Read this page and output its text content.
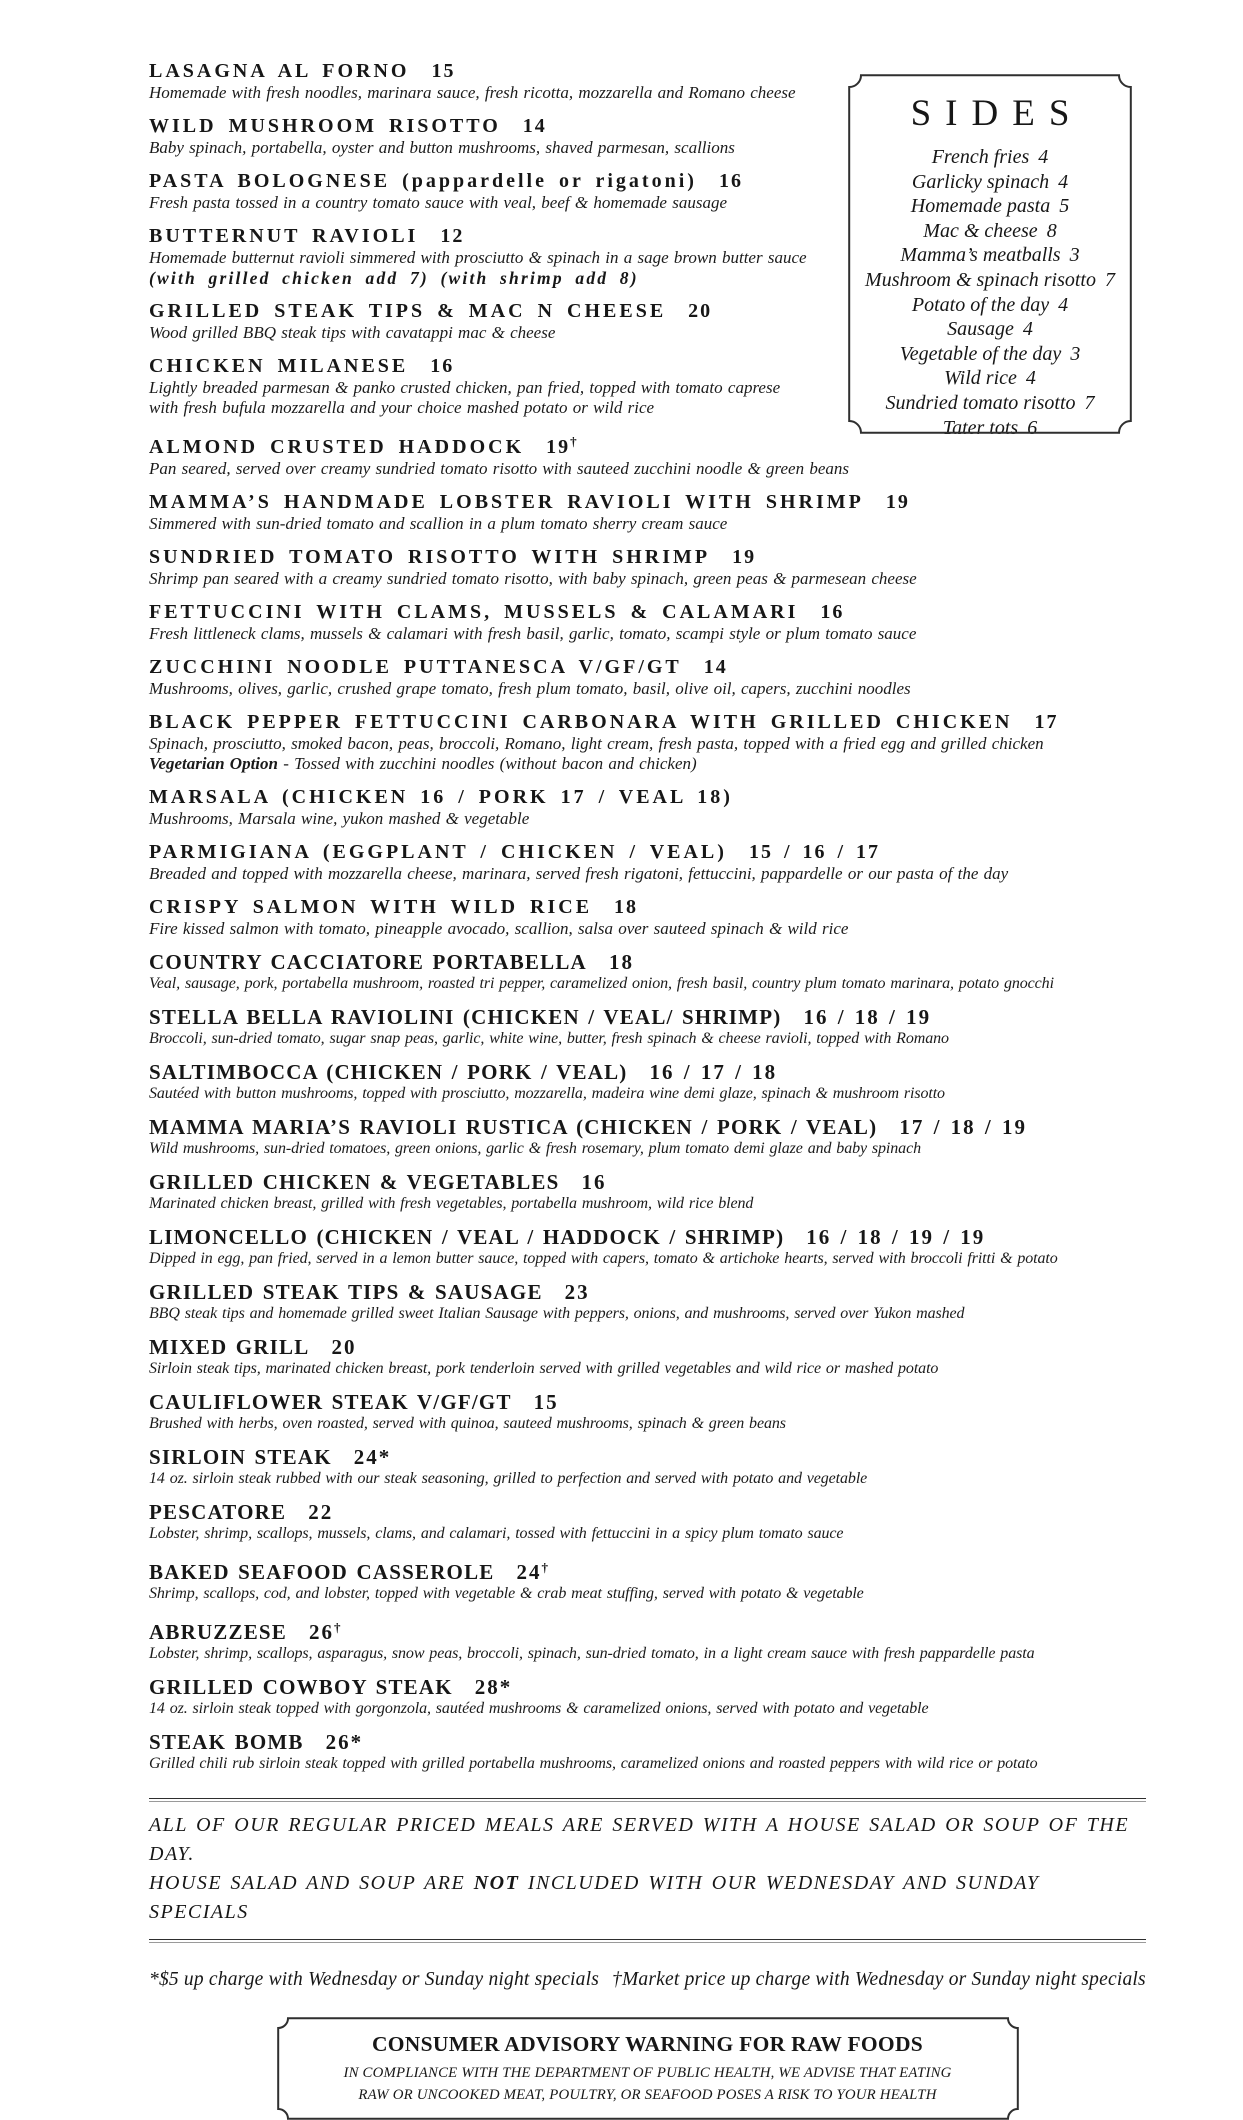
SIDES
French fries 4
Garlicky spinach 4
Homemade pasta 5
Mac & cheese 8
Mamma’s meatballs 3
Mushroom & spinach risotto 7
Potato of the day 4
Sausage 4
Vegetable of the day 3
Wild rice 4
Sundried tomato risotto 7
Tater tots 6
LASAGNA AL FORNO 15
Homemade with fresh noodles, marinara sauce, fresh ricotta, mozzarella and Romano cheese
WILD MUSHROOM RISOTTO 14
Baby spinach, portabella, oyster and button mushrooms, shaved parmesan, scallions
PASTA BOLOGNESE (pappardelle or rigatoni) 16
Fresh pasta tossed in a country tomato sauce with veal, beef & homemade sausage
BUTTERNUT RAVIOLI 12
Homemade butternut ravioli simmered with prosciutto & spinach in a sage brown butter sauce
(with grilled chicken add 7) (with shrimp add 8)
GRILLED STEAK TIPS & MAC N CHEESE 20
Wood grilled BBQ steak tips with cavatappi mac & cheese
CHICKEN MILANESE 16
Lightly breaded parmesan & panko crusted chicken, pan fried, topped with tomato caprese
with fresh bufula mozzarella and your choice mashed potato or wild rice
ALMOND CRUSTED HADDOCK 19†
Pan seared, served over creamy sundried tomato risotto with sauteed zucchini noodle & green beans
MAMMA’S HANDMADE LOBSTER RAVIOLI WITH SHRIMP 19
Simmered with sun-dried tomato and scallion in a plum tomato sherry cream sauce
SUNDRIED TOMATO RISOTTO WITH SHRIMP 19
Shrimp pan seared with a creamy sundried tomato risotto, with baby spinach, green peas & parmesean cheese
FETTUCCINI WITH CLAMS, MUSSELS & CALAMARI 16
Fresh littleneck clams, mussels & calamari with fresh basil, garlic, tomato, scampi style or plum tomato sauce
ZUCCHINI NOODLE PUTTANESCA V/GF/GT 14
Mushrooms, olives, garlic, crushed grape tomato, fresh plum tomato, basil, olive oil, capers, zucchini noodles
BLACK PEPPER FETTUCCINI CARBONARA WITH GRILLED CHICKEN 17
Spinach, prosciutto, smoked bacon, peas, broccoli, Romano, light cream, fresh pasta, topped with a fried egg and grilled chicken
Vegetarian Option - Tossed with zucchini noodles (without bacon and chicken)
MARSALA (CHICKEN 16 / PORK 17 / VEAL 18)
Mushrooms, Marsala wine, yukon mashed & vegetable
PARMIGIANA (EGGPLANT / CHICKEN / VEAL) 15 / 16 / 17
Breaded and topped with mozzarella cheese, marinara, served fresh rigatoni, fettuccini, pappardelle or our pasta of the day
CRISPY SALMON WITH WILD RICE 18
Fire kissed salmon with tomato, pineapple avocado, scallion, salsa over sauteed spinach & wild rice
COUNTRY CACCIATORE PORTABELLA 18
Veal, sausage, pork, portabella mushroom, roasted tri pepper, caramelized onion, fresh basil, country plum tomato marinara, potato gnocchi
STELLA BELLA RAVIOLINI (CHICKEN / VEAL/ SHRIMP) 16 / 18 / 19
Broccoli, sun-dried tomato, sugar snap peas, garlic, white wine, butter, fresh spinach & cheese ravioli, topped with Romano
SALTIMBOCCA (CHICKEN / PORK / VEAL) 16 / 17 / 18
Sautéed with button mushrooms, topped with prosciutto, mozzarella, madeira wine demi glaze, spinach & mushroom risotto
MAMMA MARIA’S RAVIOLI RUSTICA (CHICKEN / PORK / VEAL) 17 / 18 / 19
Wild mushrooms, sun-dried tomatoes, green onions, garlic & fresh rosemary, plum tomato demi glaze and baby spinach
GRILLED CHICKEN & VEGETABLES 16
Marinated chicken breast, grilled with fresh vegetables, portabella mushroom, wild rice blend
LIMONCELLO (CHICKEN / VEAL / HADDOCK / SHRIMP) 16 / 18 / 19 / 19
Dipped in egg, pan fried, served in a lemon butter sauce, topped with capers, tomato & artichoke hearts, served with broccoli fritti & potato
GRILLED STEAK TIPS & SAUSAGE 23
BBQ steak tips and homemade grilled sweet Italian Sausage with peppers, onions, and mushrooms, served over Yukon mashed
MIXED GRILL 20
Sirloin steak tips, marinated chicken breast, pork tenderloin served with grilled vegetables and wild rice or mashed potato
CAULIFLOWER STEAK V/GF/GT 15
Brushed with herbs, oven roasted, served with quinoa, sauteed mushrooms, spinach & green beans
SIRLOIN STEAK 24*
14 oz. sirloin steak rubbed with our steak seasoning, grilled to perfection and served with potato and vegetable
PESCATORE 22
Lobster, shrimp, scallops, mussels, clams, and calamari, tossed with fettuccini in a spicy plum tomato sauce
BAKED SEAFOOD CASSEROLE 24†
Shrimp, scallops, cod, and lobster, topped with vegetable & crab meat stuffing, served with potato & vegetable
ABRUZZESE 26†
Lobster, shrimp, scallops, asparagus, snow peas, broccoli, spinach, sun-dried tomato, in a light cream sauce with fresh pappardelle pasta
GRILLED COWBOY STEAK 28*
14 oz. sirloin steak topped with gorgonzola, sautéed mushrooms & caramelized onions, served with potato and vegetable
STEAK BOMB 26*
Grilled chili rub sirloin steak topped with grilled portabella mushrooms, caramelized onions and roasted peppers with wild rice or potato

ALL OF OUR REGULAR PRICED MEALS ARE SERVED WITH A HOUSE SALAD OR SOUP OF THE DAY.
HOUSE SALAD AND SOUP ARE NOT INCLUDED WITH OUR WEDNESDAY AND SUNDAY SPECIALS

*$5 up charge with Wednesday or Sunday night specials †Market price up charge with Wednesday or Sunday night specials

CONSUMER ADVISORY WARNING FOR RAW FOODS

IN COMPLIANCE WITH THE DEPARTMENT OF PUBLIC HEALTH, WE ADVISE THAT EATING

RAW OR UNCOOKED MEAT, POULTRY, OR SEAFOOD POSES A RISK TO YOUR HEALTH
